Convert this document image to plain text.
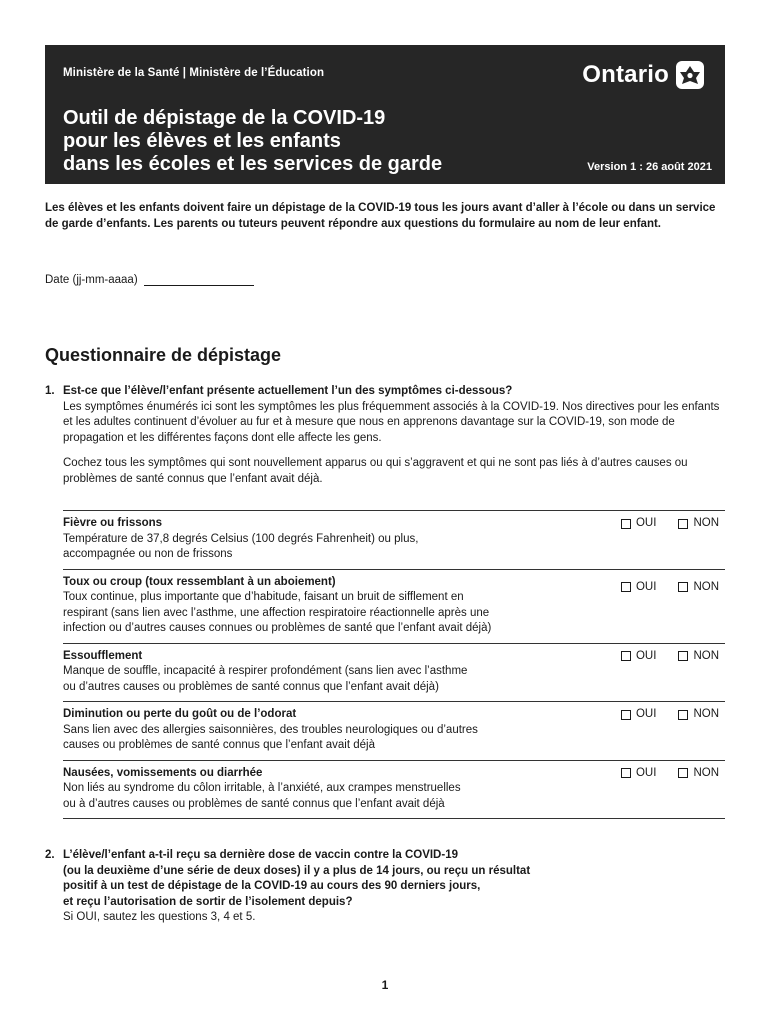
Ministère de la Santé | Ministère de l’Éducation	Ontario
Outil de dépistage de la COVID-19
pour les élèves et les enfants
dans les écoles et les services de garde	Version 1 : 26 août 2021

Les élèves et les enfants doivent faire un dépistage de la COVID-19 tous les jours avant d’aller à l’école ou dans un service de garde d’enfants. Les parents ou tuteurs peuvent répondre aux questions du formulaire au nom de leur enfant.

Date (jj-mm-aaaa)
Questionnaire de dépistage
1. Est-ce que l’élève/l’enfant présente actuellement l’un des symptômes ci-dessous?
Les symptômes énumérés ici sont les symptômes les plus fréquemment associés à la COVID-19. Nos directives pour les enfants et les adultes continuent d’évoluer au fur et à mesure que nous en apprenons davantage sur la COVID-19, son mode de propagation et les différentes façons dont elle affecte les gens.
Cochez tous les symptômes qui sont nouvellement apparus ou qui s’aggravent et qui ne sont pas liés à d’autres causes ou problèmes de santé connus que l’enfant avait déjà.
Fièvre ou frissons
Température de 37,8 degrés Celsius (100 degrés Fahrenheit) ou plus,
accompagnée ou non de frissons
OUI	NON
Toux ou croup (toux ressemblant à un aboiement)
Toux continue, plus importante que d’habitude, faisant un bruit de sifflement en
respirant (sans lien avec l’asthme, une affection respiratoire réactionnelle après une
infection ou d’autres causes connues ou problèmes de santé que l’enfant avait déjà)
OUI	NON
Essoufflement
Manque de souffle, incapacité à respirer profondément (sans lien avec l’asthme
ou d’autres causes ou problèmes de santé connus que l’enfant avait déjà)
OUI	NON
Diminution ou perte du goût ou de l’odorat
Sans lien avec des allergies saisonnières, des troubles neurologiques ou d’autres
causes ou problèmes de santé connus que l’enfant avait déjà
OUI	NON
Nausées, vomissements ou diarrhée
Non liés au syndrome du côlon irritable, à l’anxiété, aux crampes menstruelles
ou à d’autres causes ou problèmes de santé connus que l’enfant avait déjà
OUI	NON
2. L’élève/l’enfant a-t-il reçu sa dernière dose de vaccin contre la COVID-19
(ou la deuxième d’une série de deux doses) il y a plus de 14 jours, ou reçu un résultat
positif à un test de dépistage de la COVID-19 au cours des 90 derniers jours,
et reçu l’autorisation de sortir de l’isolement depuis?
Si OUI, sautez les questions 3, 4 et 5.
1
